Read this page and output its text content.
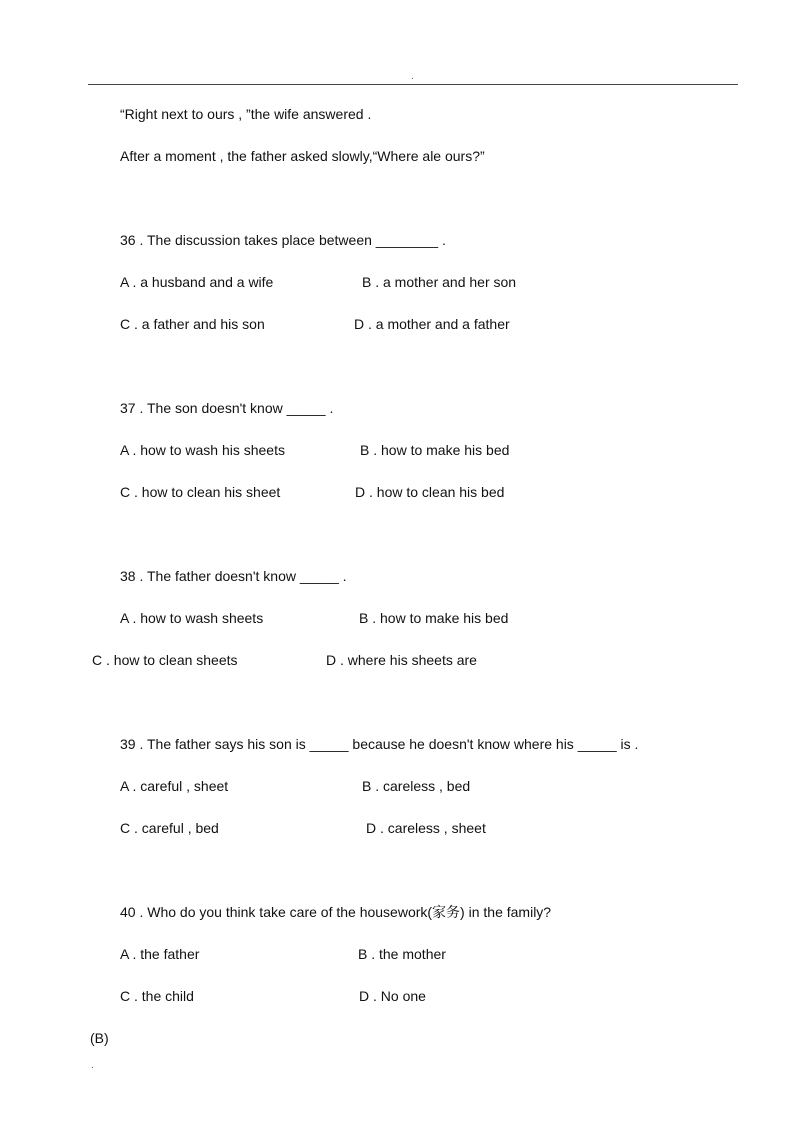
.
“Right next to ours , ”the wife answered .
After a moment , the father asked slowly,“Where ale ours?”
36 . The discussion takes place between ________ .
A . a husband and a wife	B . a mother and her son
C . a father and his son	D . a mother and a father
37 . The son doesn't know _____ .
A . how to wash his sheets	B . how to make his bed
C . how to clean his sheet	D . how to clean his bed
38 . The father doesn't know _____ .
A . how to wash sheets	B . how to make his bed
C . how to clean sheets	D . where his sheets are
39 . The father says his son is _____ because he doesn't know where his _____ is .
A . careful , sheet	B . careless , bed
C . careful , bed	D . careless , sheet
40 . Who do you think take care of the housework(家务) in the family?
A . the father	B . the mother
C . the child	D . No one
(B)
.
